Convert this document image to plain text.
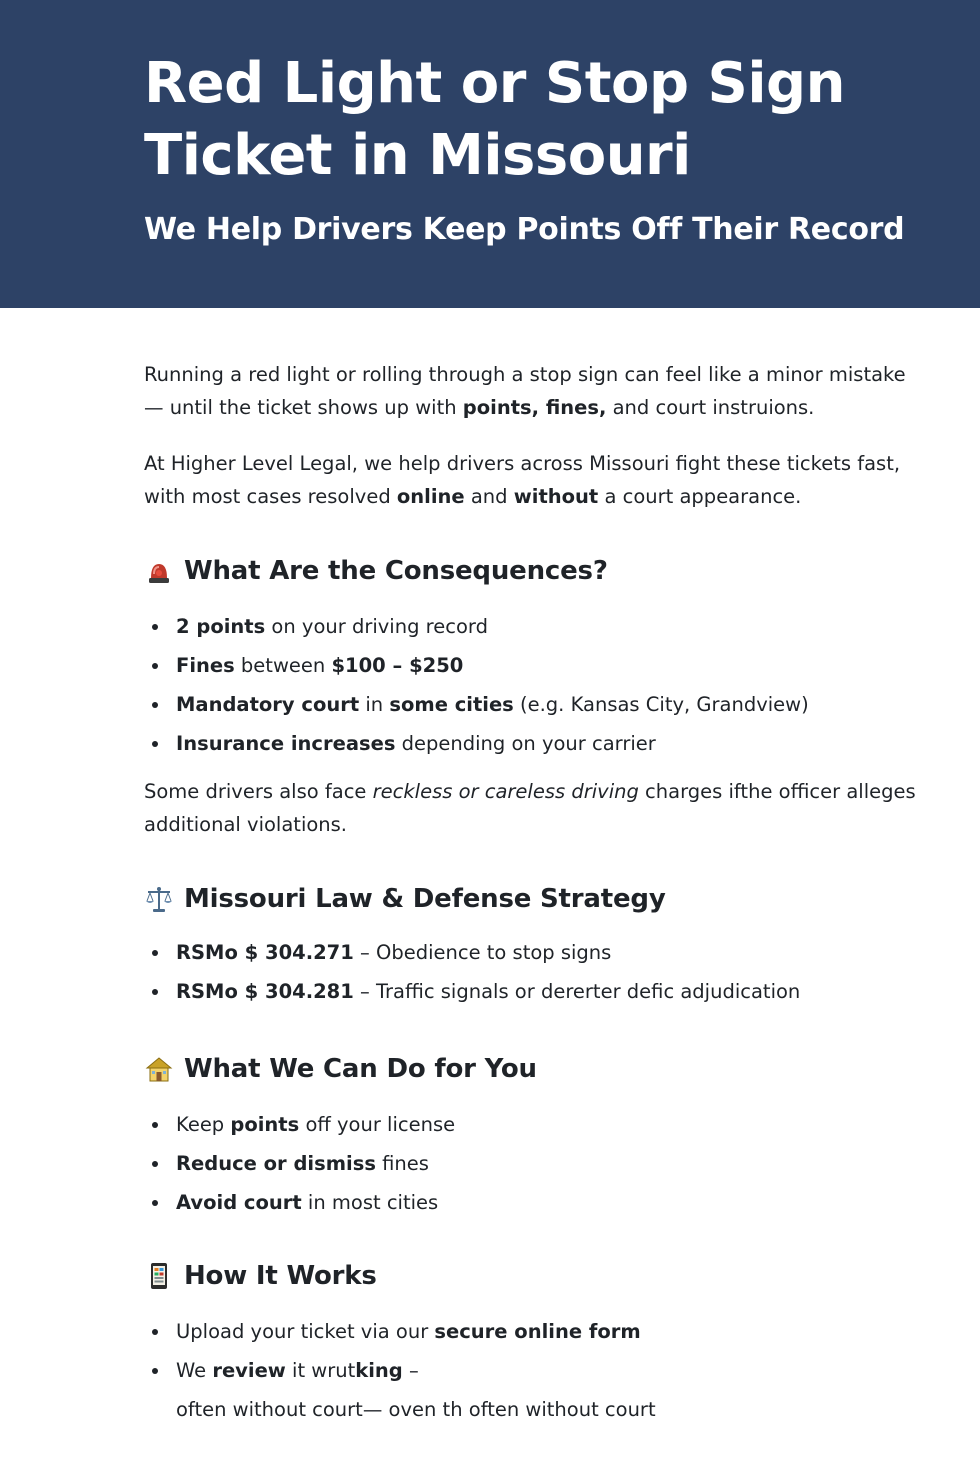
Red Light or Stop Sign Ticket in Missouri
We Help Drivers Keep Points Off Their Record

Running a red light or rolling through a stop sign can feel like a minor mistake — until the ticket shows up with points, fines, and court instruions.

At Higher Level Legal, we help drivers across Missouri fight these tickets fast, with most cases resolved online and without a court appearance.

What Are the Consequences?
2 points on your driving record
Fines between $100 – $250
Mandatory court in some cities (e.g. Kansas City, Grandview)
Insurance increases depending on your carrier

Some drivers also face reckless or careless driving charges ifthe officer alleges additional violations.

Missouri Law & Defense Strategy
RSMo $ 304.271 – Obedience to stop signs
RSMo $ 304.281 – Traffic signals or dererter defic adjudication
What We Can Do for You
Keep points off your license
Reduce or dismiss fines
Avoid court in most cities
How It Works
Upload your ticket via our secure online form
We review it wrutking –
often without court— oven th often without court
